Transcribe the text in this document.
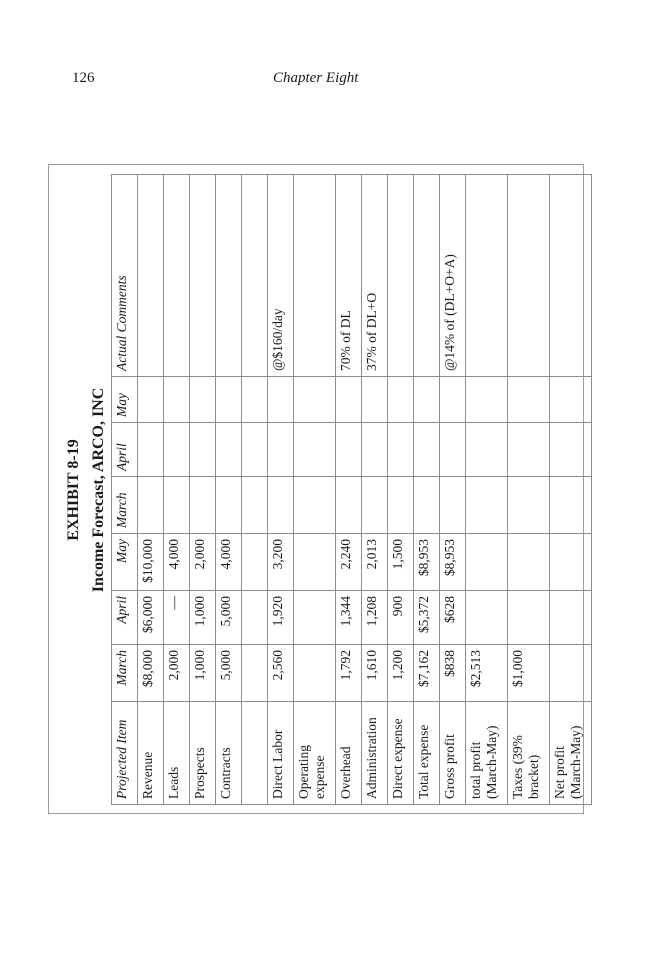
126	Chapter Eight
EXHIBIT 8-19 Income Forecast, ARCO, INC
Projected Item	March	April	May	March	April	May	Actual Comments
Revenue	$8,000	$6,000	$10,000				
Leads	2,000	—	4,000				
Prospects	1,000	1,000	2,000				
Contracts	5,000	5,000	4,000				

Direct Labor	2,560	1,920	3,200				@$160/day
Operating expense							
Overhead	1,792	1,344	2,240				70% of DL
Administration	1,610	1,208	2,013				37% of DL+O
Direct expense	1,200	900	1,500				
Total expense	$7,162	$5,372	$8,953				
Gross profit	$838	$628	$8,953				@14% of (DL+O+A)
total profit (March-May)	$2,513						
Taxes (39% bracket)	$1,000						
Net profit (March-May)							
